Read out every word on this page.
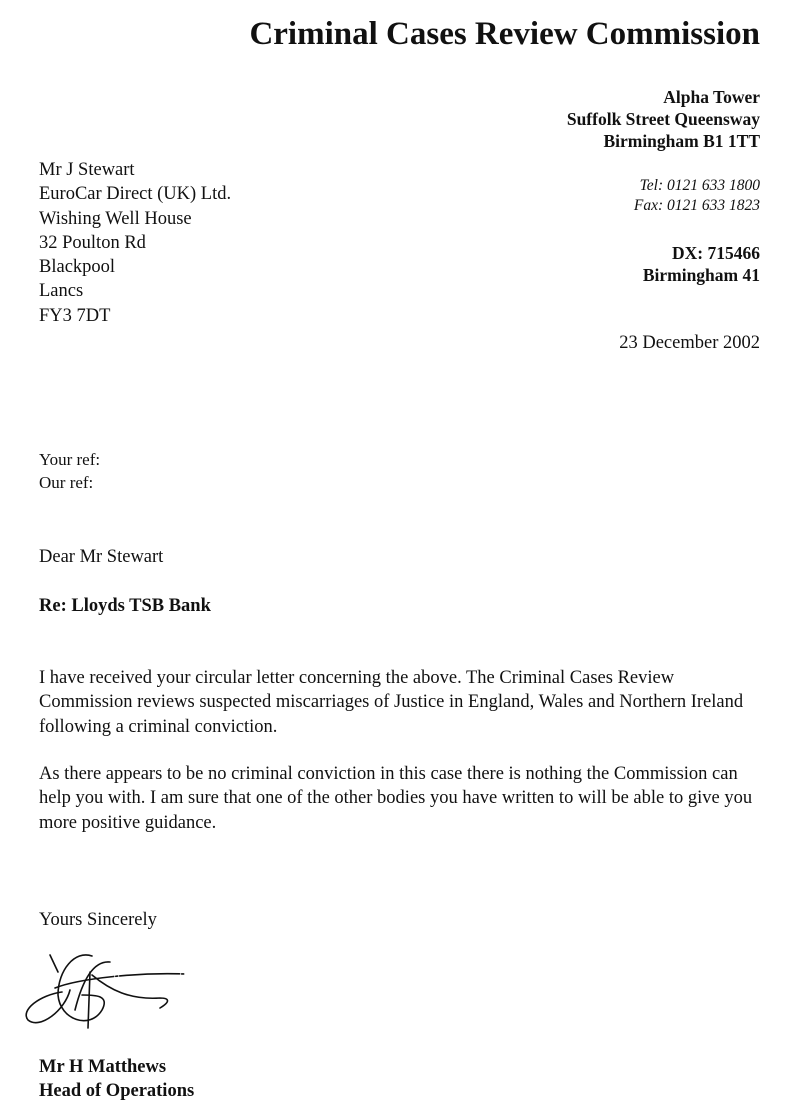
Criminal Cases Review Commission
Alpha Tower
Suffolk Street Queensway
Birmingham B1 1TT
Tel: 0121 633 1800
Fax: 0121 633 1823
DX: 715466
Birmingham 41
23 December 2002
Mr J Stewart
EuroCar Direct (UK) Ltd.
Wishing Well House
32 Poulton Rd
Blackpool
Lancs
FY3 7DT
Your ref:
Our ref:
Dear Mr Stewart
Re: Lloyds TSB Bank
I have received your circular letter concerning the above. The Criminal Cases Review
Commission reviews suspected miscarriages of Justice in England, Wales and Northern Ireland
following a criminal conviction.
As there appears to be no criminal conviction in this case there is nothing the Commission can
help you with. I am sure that one of the other bodies you have written to will be able to give you
more positive guidance.
Yours Sincerely
Mr H Matthews
Head of Operations
